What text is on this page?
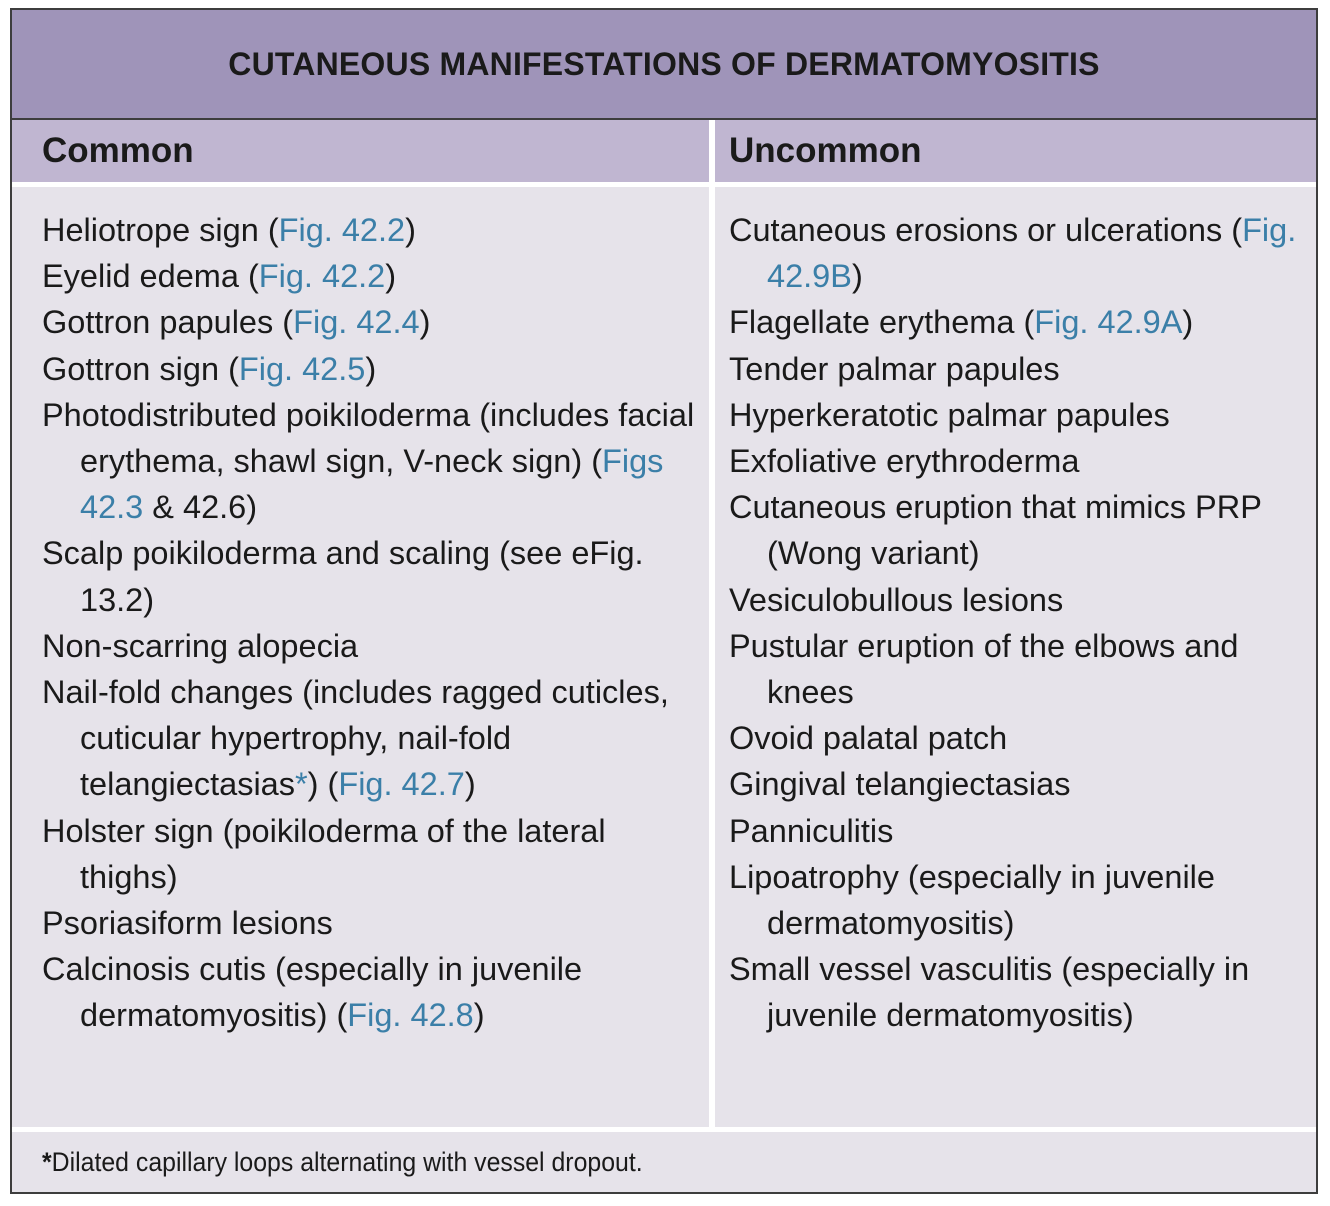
CUTANEOUS MANIFESTATIONS OF DERMATOMYOSITIS
Common
Heliotrope sign (Fig. 42.2)
Eyelid edema (Fig. 42.2)
Gottron papules (Fig. 42.4)
Gottron sign (Fig. 42.5)
Photodistributed poikiloderma (includes facial erythema, shawl sign, V-neck sign) (Figs 42.3 & 42.6)
Scalp poikiloderma and scaling (see eFig. 13.2)
Non-scarring alopecia
Nail-fold changes (includes ragged cuticles, cuticular hypertrophy, nail-fold telangiectasias*) (Fig. 42.7)
Holster sign (poikiloderma of the lateral thighs)
Psoriasiform lesions
Calcinosis cutis (especially in juvenile dermatomyositis) (Fig. 42.8)
Uncommon
Cutaneous erosions or ulcerations (Fig. 42.9B)
Flagellate erythema (Fig. 42.9A)
Tender palmar papules
Hyperkeratotic palmar papules
Exfoliative erythroderma
Cutaneous eruption that mimics PRP (Wong variant)
Vesiculobullous lesions
Pustular eruption of the elbows and knees
Ovoid palatal patch
Gingival telangiectasias
Panniculitis
Lipoatrophy (especially in juvenile dermatomyositis)
Small vessel vasculitis (especially in juvenile dermatomyositis)
*Dilated capillary loops alternating with vessel dropout.
